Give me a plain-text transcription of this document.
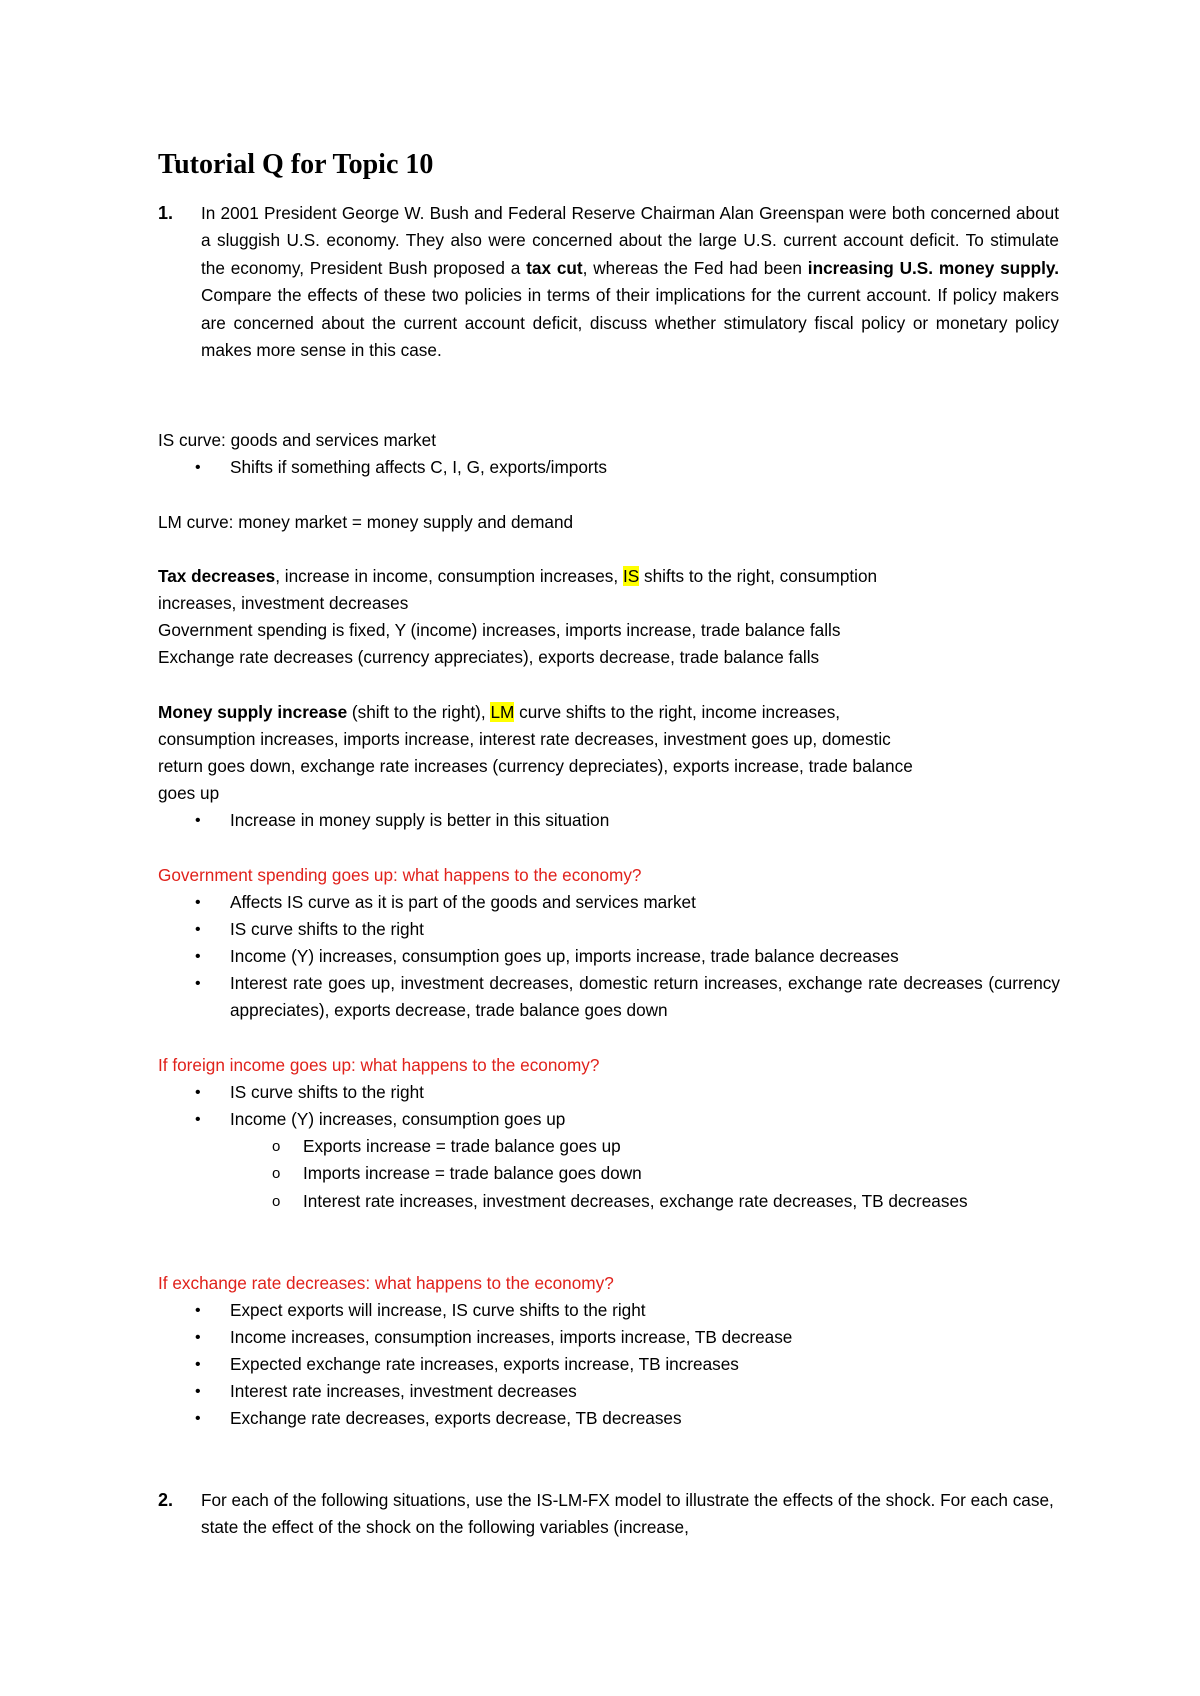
Tutorial Q for Topic 10
1. In 2001 President George W. Bush and Federal Reserve Chairman Alan Greenspan were both concerned about a sluggish U.S. economy. They also were concerned about the large U.S. current account deficit. To stimulate the economy, President Bush proposed a tax cut, whereas the Fed had been increasing U.S. money supply. Compare the effects of these two policies in terms of their implications for the current account. If policy makers are concerned about the current account deficit, discuss whether stimulatory fiscal policy or monetary policy makes more sense in this case.
IS curve: goods and services market
• Shifts if something affects C, I, G, exports/imports
LM curve: money market = money supply and demand
Tax decreases, increase in income, consumption increases, IS shifts to the right, consumption
increases, investment decreases
Government spending is fixed, Y (income) increases, imports increase, trade balance falls
Exchange rate decreases (currency appreciates), exports decrease, trade balance falls
Money supply increase (shift to the right), LM curve shifts to the right, income increases,
consumption increases, imports increase, interest rate decreases, investment goes up, domestic
return goes down, exchange rate increases (currency depreciates), exports increase, trade balance
goes up
• Increase in money supply is better in this situation
Government spending goes up: what happens to the economy?
• Affects IS curve as it is part of the goods and services market
• IS curve shifts to the right
• Income (Y) increases, consumption goes up, imports increase, trade balance decreases
• Interest rate goes up, investment decreases, domestic return increases, exchange rate decreases (currency appreciates), exports decrease, trade balance goes down
If foreign income goes up: what happens to the economy?
• IS curve shifts to the right
• Income (Y) increases, consumption goes up
o Exports increase = trade balance goes up
o Imports increase = trade balance goes down
o Interest rate increases, investment decreases, exchange rate decreases, TB decreases
If exchange rate decreases: what happens to the economy?
• Expect exports will increase, IS curve shifts to the right
• Income increases, consumption increases, imports increase, TB decrease
• Expected exchange rate increases, exports increase, TB increases
• Interest rate increases, investment decreases
• Exchange rate decreases, exports decrease, TB decreases
2. For each of the following situations, use the IS-LM-FX model to illustrate the effects of the shock. For each case, state the effect of the shock on the following variables (increase,
